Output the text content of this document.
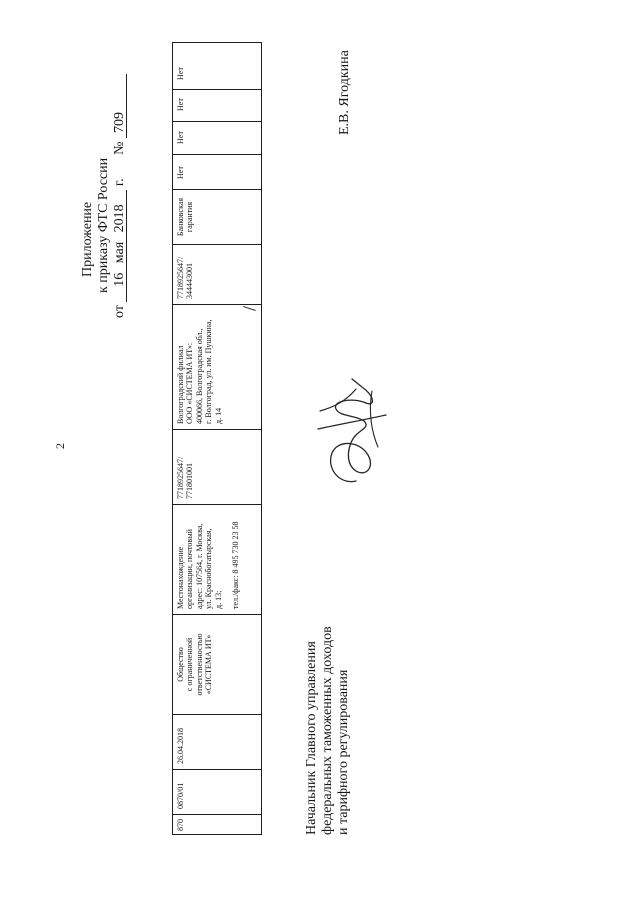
2
Приложение к приказу ФТС России
от 16 мая 2018 г. № 709
870
0870/01
26.04.2018
Общество
с ограниченной
ответственностью
«СИСТЕМА ИТ»
Местонахождение
организации, почтовый
адрес: 107564, г. Москва,
ул. Краснобогатырская,
д. 13; тел./факс: 8 495 730 23 58
7718925647/
771801001
Волгоградский филиал
ООО «СИСТЕМА ИТ»:
400066, Волгоградская обл.,
г. Волгоград, ул. им. Пушкина,
д. 14
7718925647/
344443001
Банковская
гарантия
Нет
Нет
Нет
Нет
Начальник Главного управления федеральных таможенных доходов и тарифного регулирования
Е.В. Ягодкина
